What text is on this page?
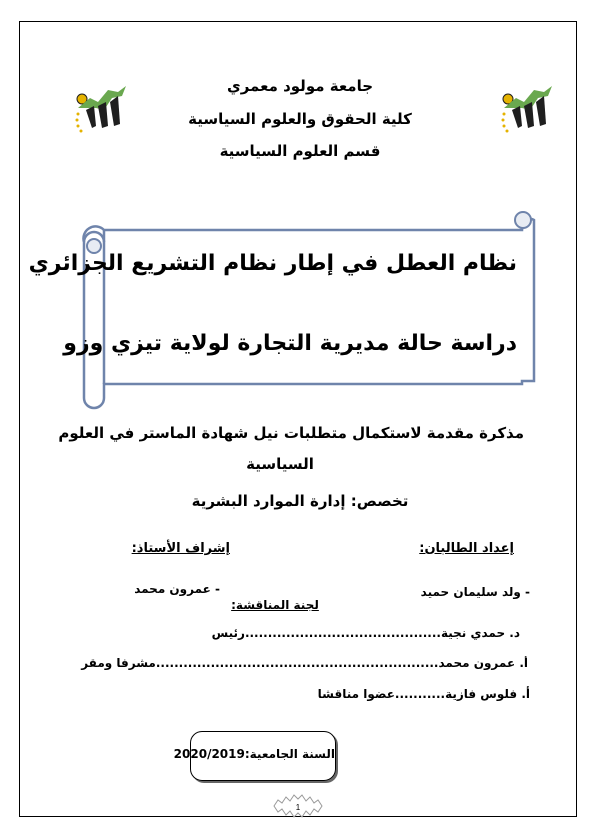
جامعة مولود معمري
كلية الحقوق والعلوم السياسية
قسم العلوم السياسية
نظام العطل في إطار نظام التشريع الجزائري
دراسة حالة مديرية التجارة لولاية تيزي وزو
مذكرة مقدمة لاستكمال متطلبات نيل شهادة الماستر في العلوم
السياسية
تخصص: إدارة الموارد البشرية
إعداد الطالبان:
إشراف الأستاذ:
- ولد سليمان حميد
- عمرون محمد
لجنة المناقشة:
د. حمدي نجية...........................................رئيس
أ. عمرون محمد..............................................................مشرفا ومقر
أ. فلوس فازية...........عضوا مناقشا
السنة الجامعية:2020/2019
1
